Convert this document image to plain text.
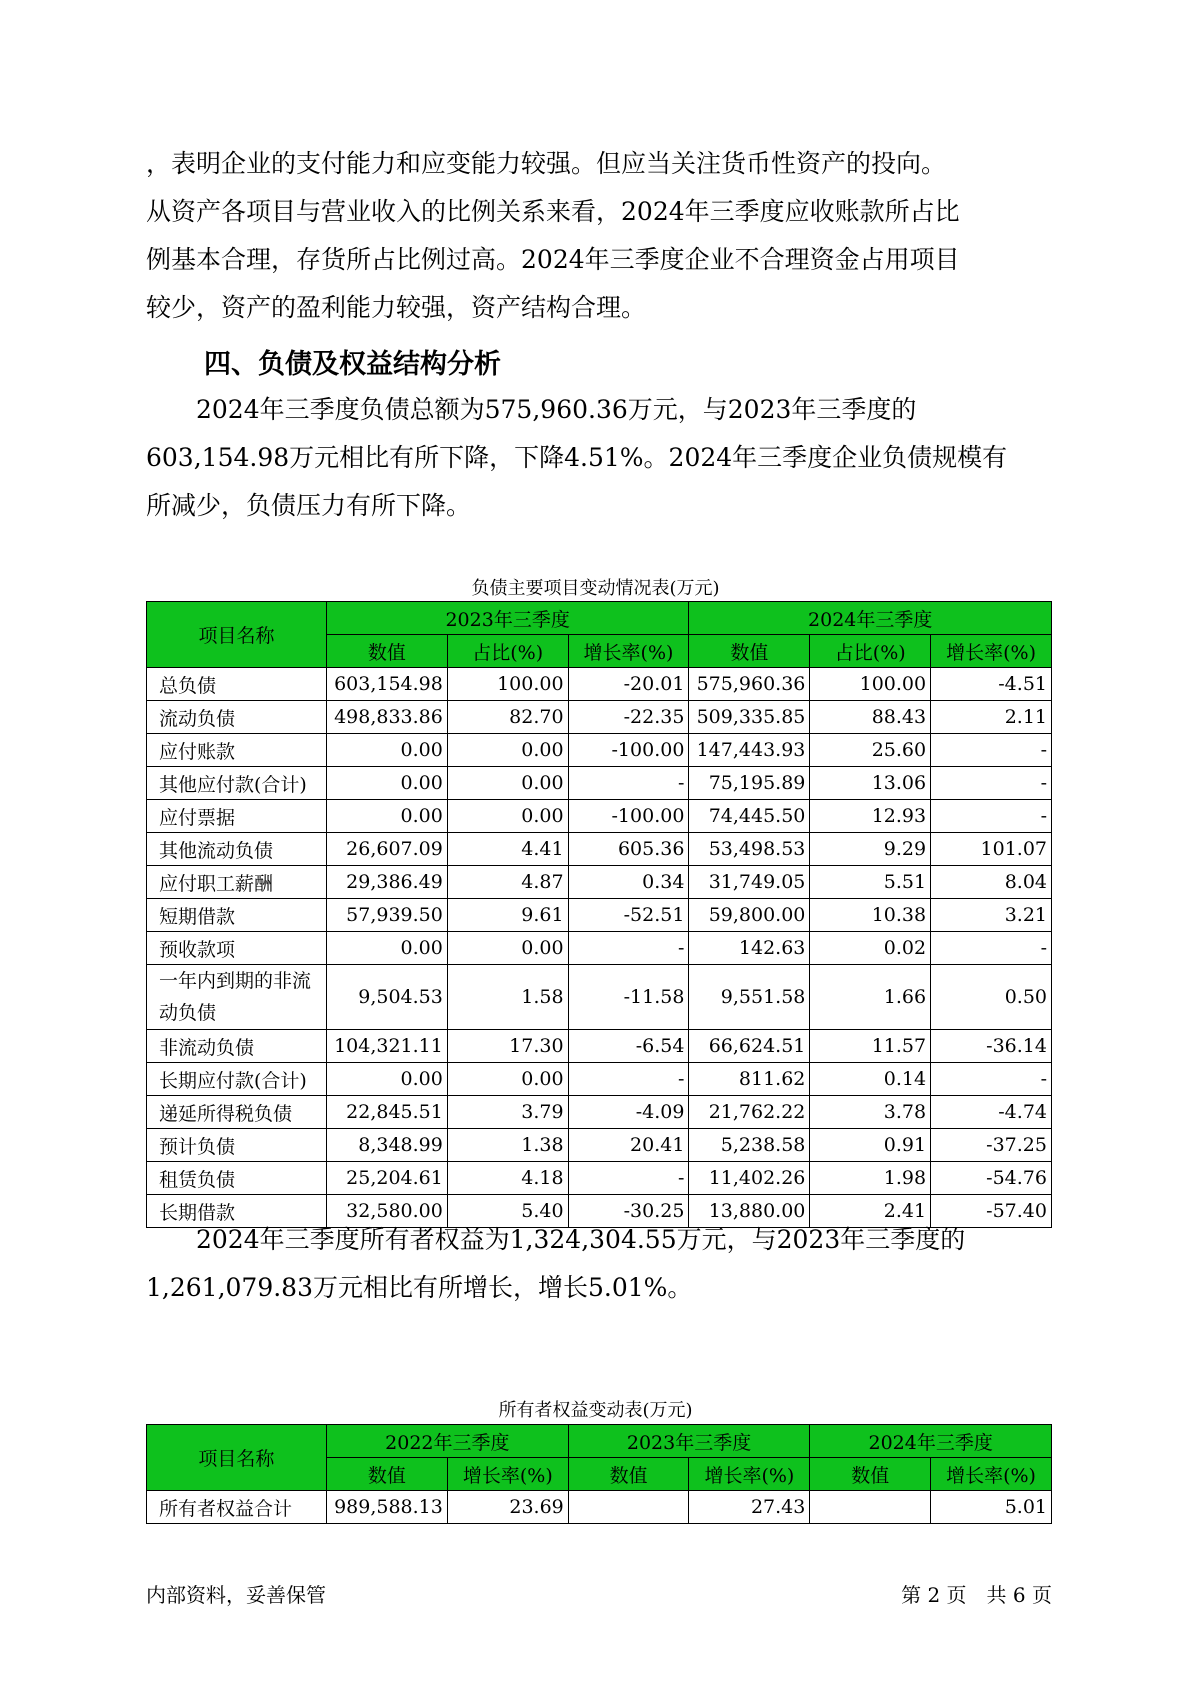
，表明企业的支付能力和应变能力较强。但应当关注货币性资产的投向。

从资产各项目与营业收入的比例关系来看，2024年三季度应收账款所占比

例基本合理，存货所占比例过高。2024年三季度企业不合理资金占用项目

较少，资产的盈利能力较强，资产结构合理。

四、负债及权益结构分析

　　2024年三季度负债总额为575,960.36万元，与2023年三季度的

603,154.98万元相比有所下降，下降4.51%。2024年三季度企业负债规模有

所减少，负债压力有所下降。

负债主要项目变动情况表(万元)
项目名称	2023年三季度			2024年三季度		
	数值	占比(%)	增长率(%)	数值	占比(%)	增长率(%)
总负债	603,154.98	100.00	-20.01	575,960.36	100.00	-4.51
流动负债	498,833.86	82.70	-22.35	509,335.85	88.43	2.11
应付账款	0.00	0.00	-100.00	147,443.93	25.60	-
其他应付款(合计)	0.00	0.00	-	75,195.89	13.06	-
应付票据	0.00	0.00	-100.00	74,445.50	12.93	-
其他流动负债	26,607.09	4.41	605.36	53,498.53	9.29	101.07
应付职工薪酬	29,386.49	4.87	0.34	31,749.05	5.51	8.04
短期借款	57,939.50	9.61	-52.51	59,800.00	10.38	3.21
预收款项	0.00	0.00	-	142.63	0.02	-
一年内到期的非流动负债	9,504.53	1.58	-11.58	9,551.58	1.66	0.50
非流动负债	104,321.11	17.30	-6.54	66,624.51	11.57	-36.14
长期应付款(合计)	0.00	0.00	-	811.62	0.14	-
递延所得税负债	22,845.51	3.79	-4.09	21,762.22	3.78	-4.74
预计负债	8,348.99	1.38	20.41	5,238.58	0.91	-37.25
租赁负债	25,204.61	4.18	-	11,402.26	1.98	-54.76
长期借款	32,580.00	5.40	-30.25	13,880.00	2.41	-57.40

　　2024年三季度所有者权益为1,324,304.55万元，与2023年三季度的

1,261,079.83万元相比有所增长，增长5.01%。

所有者权益变动表(万元)
项目名称	2022年三季度		2023年三季度		2024年三季度	
	数值	增长率(%)	数值	增长率(%)	数值	增长率(%)
所有者权益合计	989,588.13	23.69		27.43		5.01
内部资料，妥善保管	第 2 页　共 6 页
